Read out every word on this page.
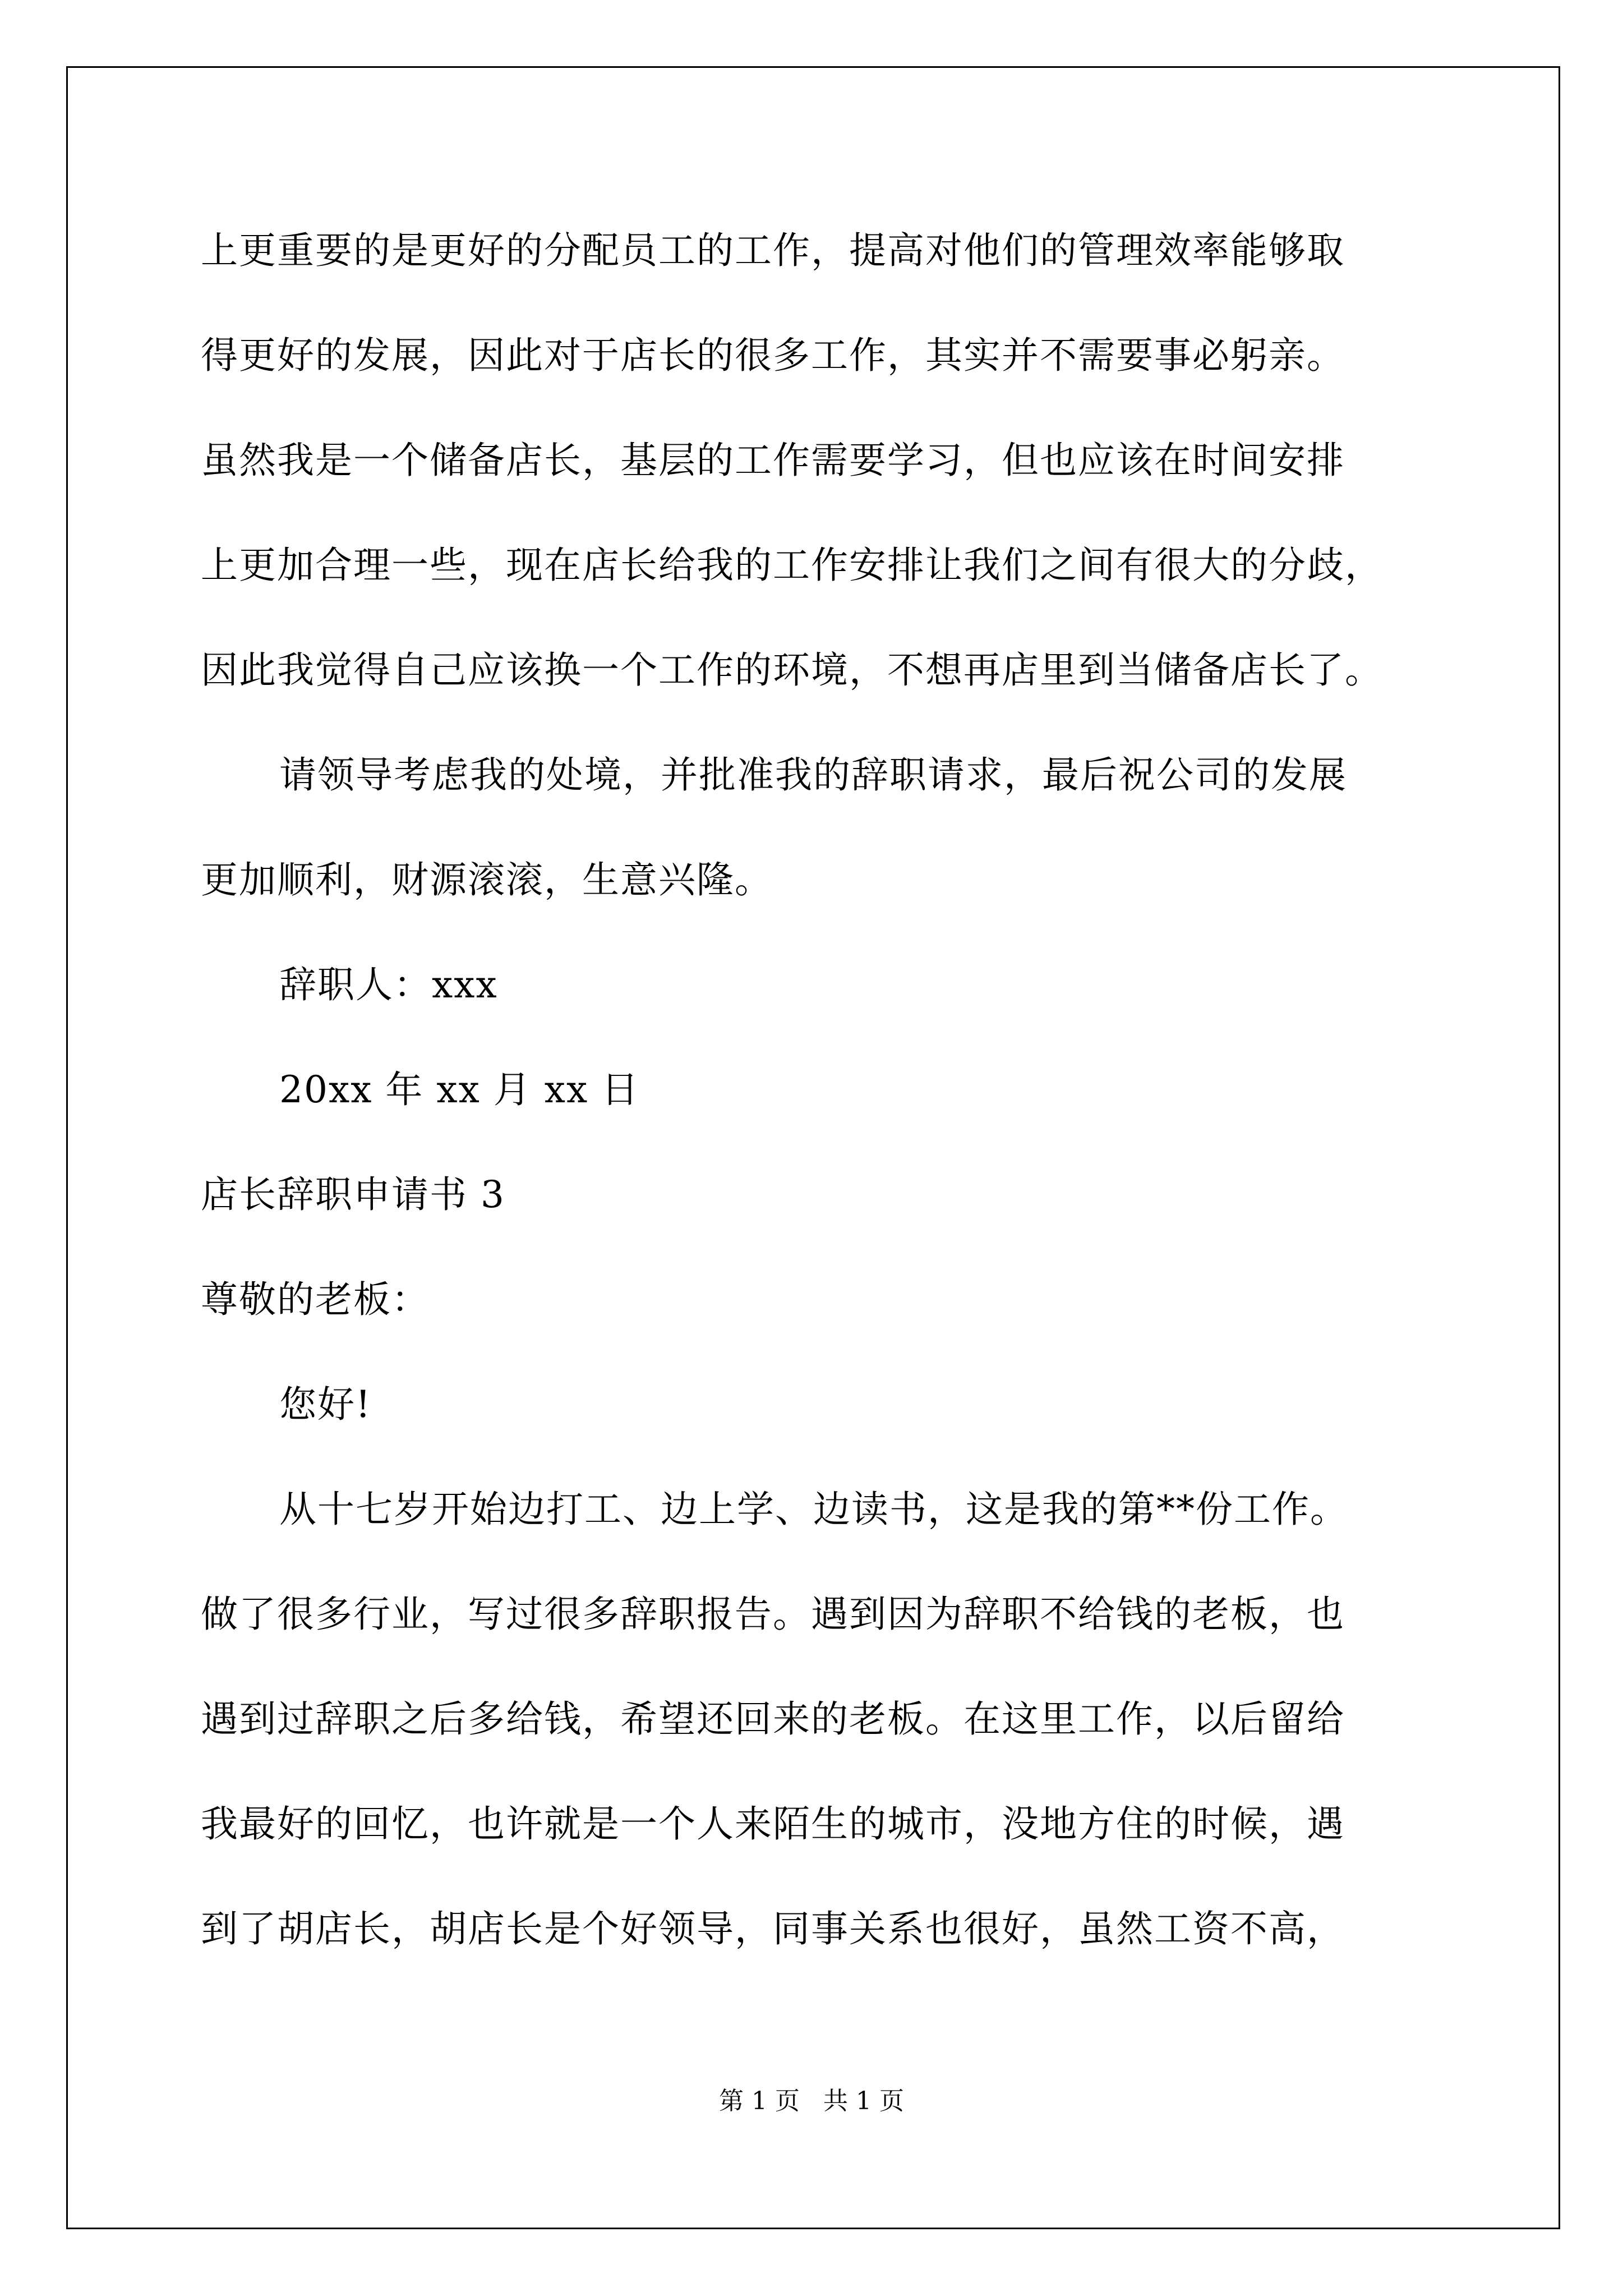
上更重要的是更好的分配员工的工作，提高对他们的管理效率能够取
得更好的发展，因此对于店长的很多工作，其实并不需要事必躬亲。
虽然我是一个储备店长，基层的工作需要学习，但也应该在时间安排
上更加合理一些，现在店长给我的工作安排让我们之间有很大的分歧，
因此我觉得自己应该换一个工作的环境，不想再店里到当储备店长了。
请领导考虑我的处境，并批准我的辞职请求，最后祝公司的发展
更加顺利，财源滚滚，生意兴隆。
辞职人：xxx
20xx 年 xx 月 xx 日
店长辞职申请书 3
尊敬的老板：
您好!
从十七岁开始边打工、边上学、边读书，这是我的第**份工作。
做了很多行业，写过很多辞职报告。遇到因为辞职不给钱的老板，也
遇到过辞职之后多给钱，希望还回来的老板。在这里工作，以后留给
我最好的回忆，也许就是一个人来陌生的城市，没地方住的时候，遇
到了胡店长，胡店长是个好领导，同事关系也很好，虽然工资不高，
第 1 页   共 1 页
